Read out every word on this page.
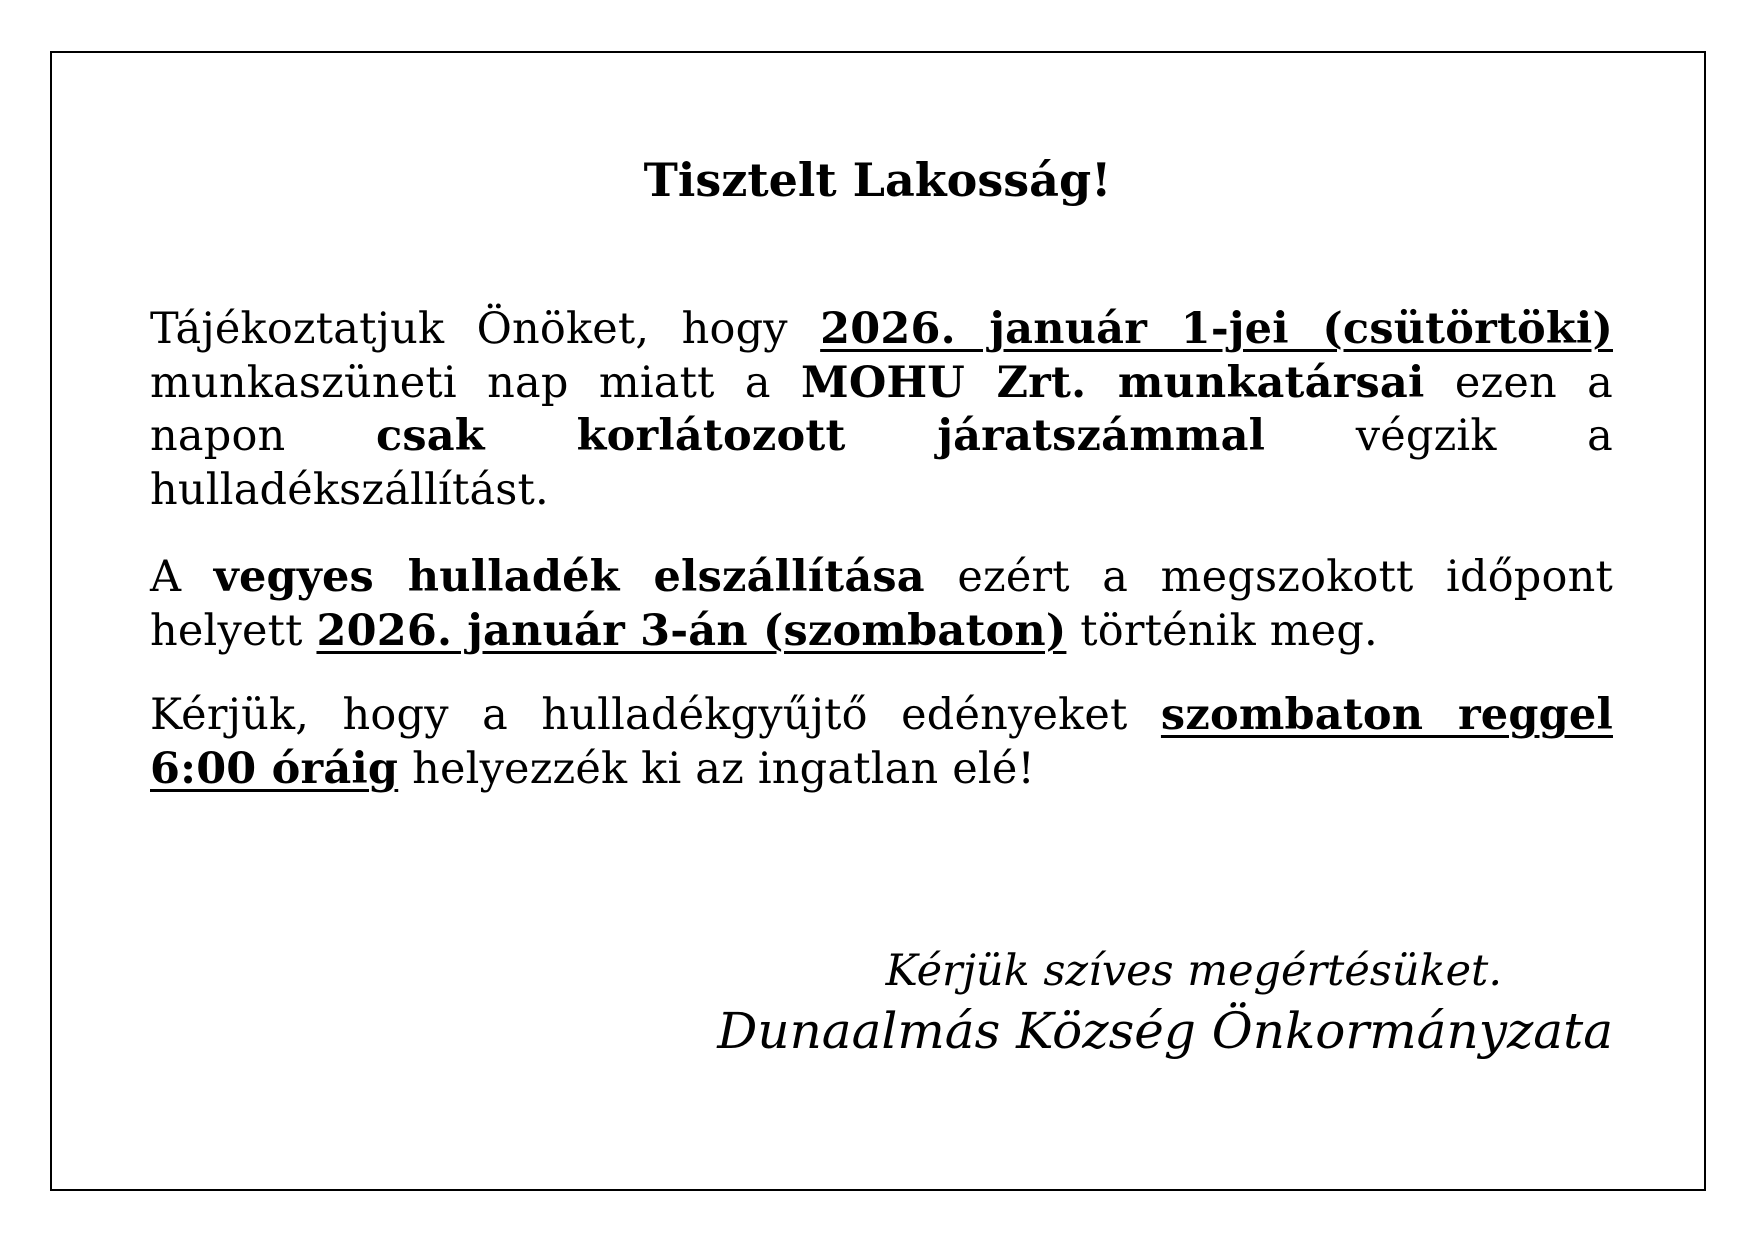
Tisztelt Lakosság!

Tájékoztatjuk Önöket, hogy 2026. január 1-jei (csütörtöki) munkaszüneti nap miatt a MOHU Zrt. munkatársai ezen a napon csak korlátozott járatszámmal végzik a hulladékszállítást.

A vegyes hulladék elszállítása ezért a megszokott időpont helyett 2026. január 3-án (szombaton) történik meg.

Kérjük, hogy a hulladékgyűjtő edényeket szombaton reggel 6:00 óráig helyezzék ki az ingatlan elé!

Kérjük szíves megértésüket.

Dunaalmás Község Önkormányzata
